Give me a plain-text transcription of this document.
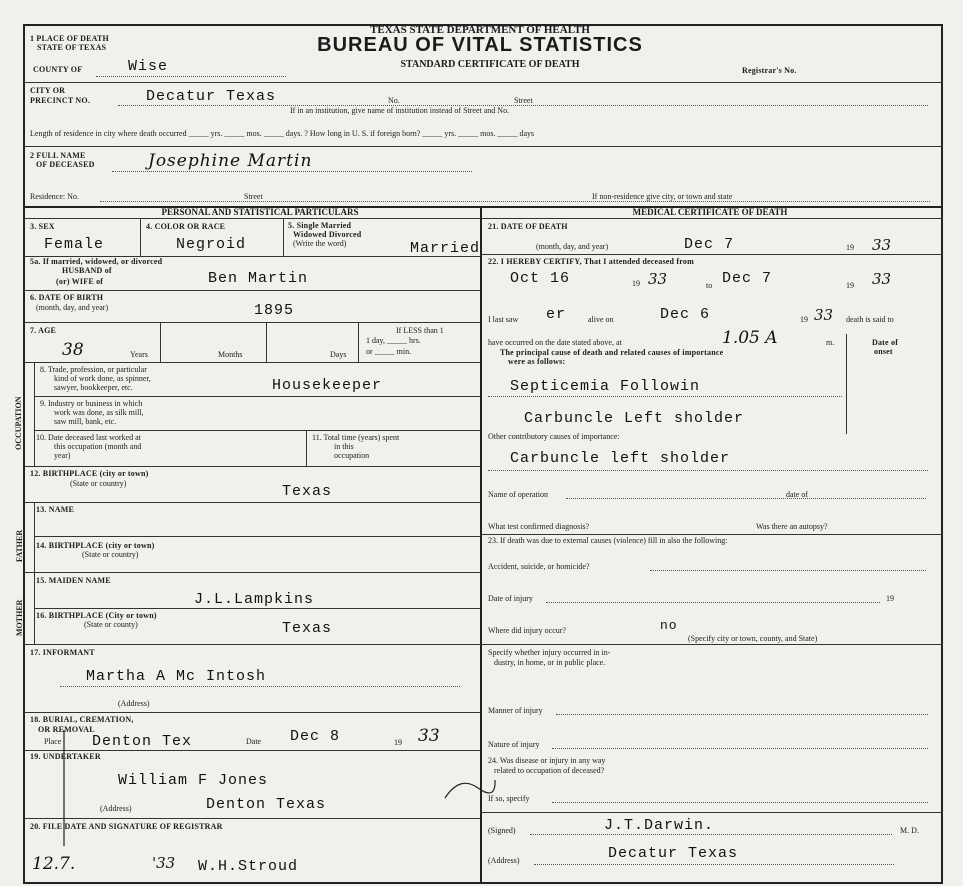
1 PLACE OF DEATH
STATE OF TEXAS
COUNTY OF	Wise
TEXAS STATE DEPARTMENT OF HEALTH
BUREAU OF VITAL STATISTICS
STANDARD CERTIFICATE OF DEATH
Registrar's No.
CITY OR
PRECINCT NO.	Decatur Texas	No.	Street
If in an institution, give name of institution instead of Street and No.
Length of residence in city where death occurred _____ yrs. _____ mos. _____ days. ? How long in U. S. if foreign born? _____ yrs. _____ mos. _____ days
2 FULL NAME
OF DECEASED	Josephine Martin
Residence: No.	Street	If non-residence give city, or town and state
PERSONAL AND STATISTICAL PARTICULARS	MEDICAL CERTIFICATE OF DEATH
3. SEX
Female
4. COLOR OR RACE
Negroid
5. Single Married
Widowed Divorced
(Write the word)	Married
5a. If married, widowed, or divorced
HUSBAND of
(or) WIFE of	Ben Martin
6. DATE OF BIRTH
(month, day, and year)	1895
7. AGE
38	Years	Months	Days
If LESS than 1
1 day, _____ hrs.
or _____ min.
OCCUPATION
8. Trade, profession, or particular
kind of work done, as spinner,
sawyer, bookkeeper, etc.	Housekeeper
9. Industry or business in which
work was done, as silk mill,
saw mill, bank, etc.
10. Date deceased last worked at
this occupation (month and
year)
11. Total time (years) spent
in this
occupation
12. BIRTHPLACE (city or town)
(State or country)	Texas
FATHER
13. NAME
14. BIRTHPLACE (city or town)
(State or country)
MOTHER
15. MAIDEN NAME
J.L.Lampkins
16. BIRTHPLACE (City or town)
(State or county)	Texas
17. INFORMANT
Martha A Mc Intosh
(Address)
18. BURIAL, CREMATION,
OR REMOVAL
Place Denton Tex	Date Dec 8	19 33
19. UNDERTAKER
William F Jones
(Address)	Denton Texas
20. FILE DATE AND SIGNATURE OF REGISTRAR
12.7.	'33 W.H.Stroud
21. DATE OF DEATH
(month, day, and year)	Dec 7	19 33
22. I HEREBY CERTIFY, That I attended deceased from
Oct 16	19 33	to Dec 7	19 33
I last saw er	alive on	Dec 6	19 33 death is said to
have occurred on the date stated above, at	1.05 A	m.
The principal cause of death and related causes of importance
were as follows:
Date of
onset
Septicemia Followin
Carbuncle Left sholder
Other contributory causes of importance:
Carbuncle left sholder
Name of operation	date of
What test confirmed diagnosis?	Was there an autopsy?
23. If death was due to external causes (violence) fill in also the following:
Accident, suicide, or homicide?
Date of injury	19
Where did injury occur?	no
(Specify city or town, county, and State)
Specify whether injury occurred in in-
dustry, in home, or in public place.
Manner of injury
Nature of injury
24. Was disease or injury in any way
related to occupation of deceased?
If so, specify
(Signed)	J.T.Darwin.	M. D.
(Address)	Decatur Texas
